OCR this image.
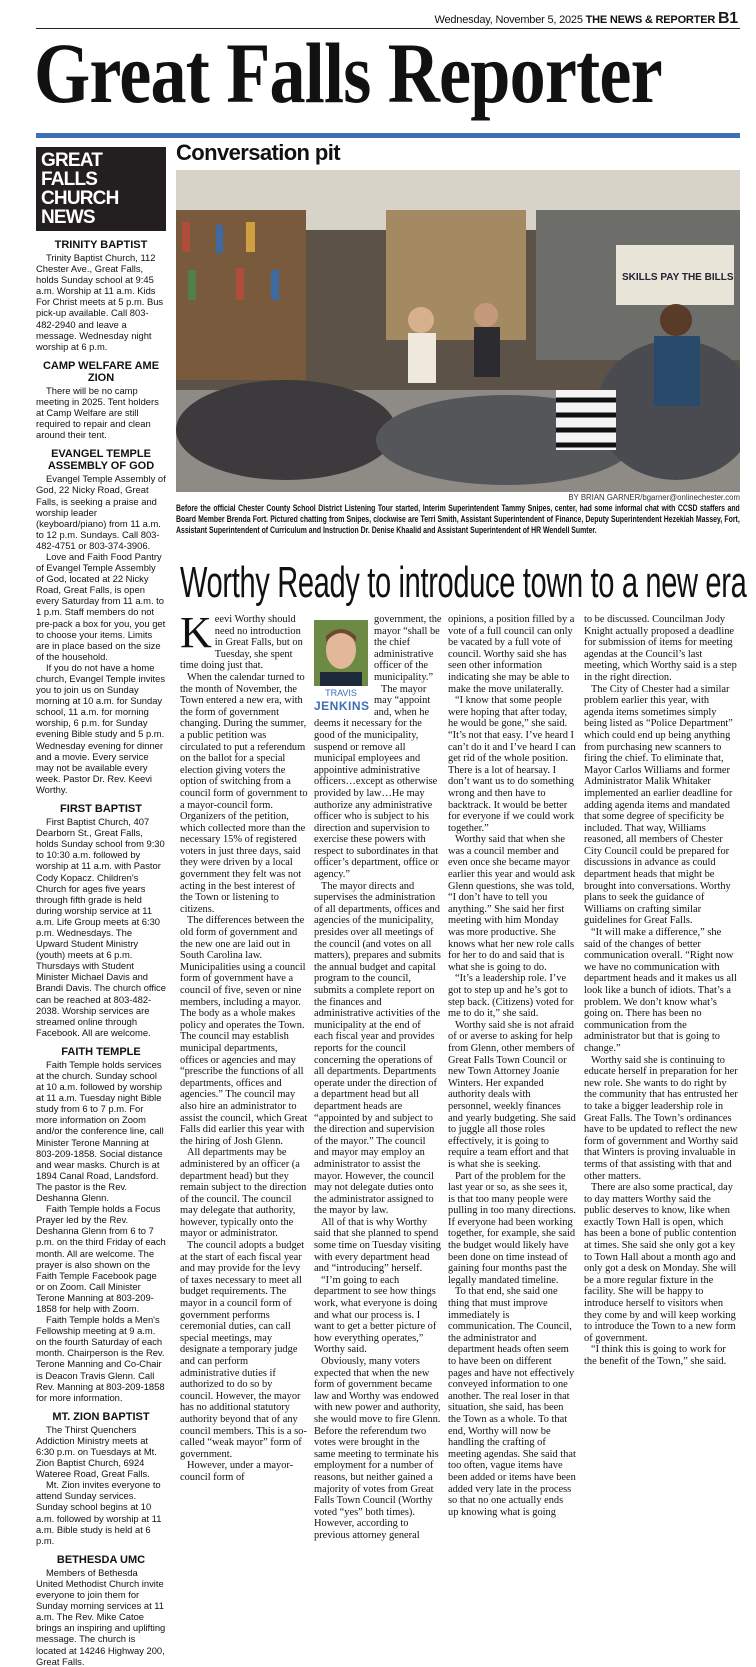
Wednesday, November 5, 2025 THE NEWS & REPORTER B1
Great Falls Reporter
GREAT FALLS CHURCH NEWS
TRINITY BAPTIST

Trinity Baptist Church, 112 Chester Ave., Great Falls, holds Sunday school at 9:45 a.m. Worship at 11 a.m. Kids For Christ meets at 5 p.m. Bus pick-up available. Call 803-482-2940 and leave a message. Wednesday night worship at 6 p.m.

CAMP WELFARE AME ZION

There will be no camp meeting in 2025. Tent holders at Camp Welfare are still required to repair and clean around their tent.

EVANGEL TEMPLE ASSEMBLY OF GOD

Evangel Temple Assembly of God, 22 Nicky Road, Great Falls, is seeking a praise and worship leader (keyboard/piano) from 11 a.m. to 12 p.m. Sundays. Call 803-482-4751 or 803-374-3906.

Love and Faith Food Pantry of Evangel Temple Assembly of God, located at 22 Nicky Road, Great Falls, is open every Saturday from 11 a.m. to 1 p.m. Staff members do not pre-pack a box for you, you get to choose your items. Limits are in place based on the size of the household.

If you do not have a home church, Evangel Temple invites you to join us on Sunday morning at 10 a.m. for Sunday school, 11 a.m. for morning worship, 6 p.m. for Sunday evening Bible study and 5 p.m. Wednesday evening for dinner and a movie. Every service may not be available every week. Pastor Dr. Rev. Keevi Worthy.

FIRST BAPTIST

First Baptist Church, 407 Dearborn St., Great Falls, holds Sunday school from 9:30 to 10:30 a.m. followed by worship at 11 a.m. with Pastor Cody Kopacz. Children's Church for ages five years through fifth grade is held during worship service at 11 a.m. Life Group meets at 6:30 p.m. Wednesdays. The Upward Student Ministry (youth) meets at 6 p.m. Thursdays with Student Minister Michael Davis and Brandi Davis. The church office can be reached at 803-482-2038. Worship services are streamed online through Facebook. All are welcome.

FAITH TEMPLE

Faith Temple holds services at the church. Sunday school at 10 a.m. followed by worship at 11 a.m. Tuesday night Bible study from 6 to 7 p.m. For more information on Zoom and/or the conference line, call Minister Terone Manning at 803-209-1858. Social distance and wear masks. Church is at 1894 Canal Road, Landsford. The pastor is the Rev. Deshanna Glenn.

Faith Temple holds a Focus Prayer led by the Rev. Deshanna Glenn from 6 to 7 p.m. on the third Friday of each month. All are welcome. The prayer is also shown on the Faith Temple Facebook page or on Zoom. Call Minister Terone Manning at 803-209-1858 for help with Zoom.

Faith Temple holds a Men's Fellowship meeting at 9 a.m. on the fourth Saturday of each month. Chairperson is the Rev. Terone Manning and Co-Chair is Deacon Travis Glenn. Call Rev. Manning at 803-209-1858 for more information.

MT. ZION BAPTIST

The Thirst Quenchers Addiction Ministry meets at 6:30 p.m. on Tuesdays at Mt. Zion Baptist Church, 6924 Wateree Road, Great Falls.

Mt. Zion invites everyone to attend Sunday services. Sunday school begins at 10 a.m. followed by worship at 11 a.m. Bible study is held at 6 p.m.

BETHESDA UMC

Members of Bethesda United Methodist Church invite everyone to join them for Sunday morning services at 11 a.m. The Rev. Mike Catoe brings an inspiring and uplifting message. The church is located at 14246 Highway 200, Great Falls.

Conversation pit
SKILLS PAY THE BILLS
BY BRIAN GARNER/bgarner@onlinechester.com
Before the official Chester County School District Listening Tour started, Interim Superintendent Tammy Snipes, center, had some informal chat with CCSD staffers and Board Member Brenda Fort. Pictured chatting from Snipes, clockwise are Terri Smith, Assistant Superintendent of Finance, Deputy Superintendent Hezekiah Massey, Fort, Assistant Superintendent of Curriculum and Instruction Dr. Denise Khaalid and Assistant Superintendent of HR Wendell Sumter.
Worthy Ready to introduce town to a new era

Keevi Worthy should need no introduction in Great Falls, but on Tuesday, she spent time doing just that.

When the calendar turned to the month of November, the Town entered a new era, with the form of government changing. During the summer, a public petition was circulated to put a referendum on the ballot for a special election giving voters the option of switching from a council form of government to a mayor-council form. Organizers of the petition, which collected more than the necessary 15% of registered voters in just three days, said they were driven by a local government they felt was not acting in the best interest of the Town or listening to citizens.

The differences between the old form of government and the new one are laid out in South Carolina law. Municipalities using a council form of government have a council of five, seven or nine members, including a mayor. The body as a whole makes policy and operates the Town. The council may establish municipal departments, offices or agencies and may “prescribe the functions of all departments, offices and agencies.” The council may also hire an administrator to assist the council, which Great Falls did earlier this year with the hiring of Josh Glenn.

All departments may be administered by an officer (a department head) but they remain subject to the direction of the council. The council may delegate that authority, however, typically onto the mayor or administrator.

The council adopts a budget at the start of each fiscal year and may provide for the levy of taxes necessary to meet all budget requirements. The mayor in a council form of government performs ceremonial duties, can call special meetings, may designate a temporary judge and can perform administrative duties if authorized to do so by council. However, the mayor has no additional statutory authority beyond that of any council members. This is a so-called “weak mayor” form of government.

However, under a mayor-council form of

TRAVIS
JENKINS

government, the mayor “shall be the chief administrative officer of the municipality.”

The mayor may “appoint and, when he deems it necessary for the good of the municipality, suspend or remove all municipal employees and appointive administrative officers…except as otherwise provided by law…He may authorize any administrative officer who is subject to his direction and supervision to exercise these powers with respect to subordinates in that officer’s department, office or agency.”

The mayor directs and supervises the administration of all departments, offices and agencies of the municipality, presides over all meetings of the council (and votes on all matters), prepares and submits the annual budget and capital program to the council, submits a complete report on the finances and administrative activities of the municipality at the end of each fiscal year and provides reports for the council concerning the operations of all departments. Departments operate under the direction of a department head but all department heads are “appointed by and subject to the direction and supervision of the mayor.” The council and mayor may employ an administrator to assist the mayor. However, the council may not delegate duties onto the administrator assigned to the mayor by law.

All of that is why Worthy said that she planned to spend some time on Tuesday visiting with every department head and “introducing” herself.

“I’m going to each department to see how things work, what everyone is doing and what our process is. I want to get a better picture of how everything operates,” Worthy said.

Obviously, many voters expected that when the new form of government became law and Worthy was endowed with new power and authority, she would move to fire Glenn. Before the referendum two votes were brought in the same meeting to terminate his employment for a number of reasons, but neither gained a majority of votes from Great Falls Town Council (Worthy voted “yes” both times). However, according to previous attorney general

opinions, a position filled by a vote of a full council can only be vacated by a full vote of council. Worthy said she has seen other information indicating she may be able to make the move unilaterally.

“I know that some people were hoping that after today, he would be gone,” she said. “It’s not that easy. I’ve heard I can’t do it and I’ve heard I can get rid of the whole position. There is a lot of hearsay. I don’t want us to do something wrong and then have to backtrack. It would be better for everyone if we could work together.”

Worthy said that when she was a council member and even once she became mayor earlier this year and would ask Glenn questions, she was told, “I don’t have to tell you anything.” She said her first meeting with him Monday was more productive. She knows what her new role calls for her to do and said that is what she is going to do.

“It’s a leadership role. I’ve got to step up and he’s got to step back. (Citizens) voted for me to do it,” she said.

Worthy said she is not afraid of or averse to asking for help from Glenn, other members of Great Falls Town Council or new Town Attorney Joanie Winters. Her expanded authority deals with personnel, weekly finances and yearly budgeting. She said to juggle all those roles effectively, it is going to require a team effort and that is what she is seeking.

Part of the problem for the last year or so, as she sees it, is that too many people were pulling in too many directions. If everyone had been working together, for example, she said the budget would likely have been done on time instead of gaining four months past the legally mandated timeline.

To that end, she said one thing that must improve immediately is communication. The Council, the administrator and department heads often seem to have been on different pages and have not effectively conveyed information to one another. The real loser in that situation, she said, has been the Town as a whole. To that end, Worthy will now be handling the crafting of meeting agendas. She said that too often, vague items have been added or items have been added very late in the process so that no one actually ends up knowing what is going

to be discussed. Councilman Jody Knight actually proposed a deadline for submission of items for meeting agendas at the Council’s last meeting, which Worthy said is a step in the right direction.

The City of Chester had a similar problem earlier this year, with agenda items sometimes simply being listed as “Police Department” which could end up being anything from purchasing new scanners to firing the chief. To eliminate that, Mayor Carlos Williams and former Administrator Malik Whitaker implemented an earlier deadline for adding agenda items and mandated that some degree of specificity be included. That way, Williams reasoned, all members of Chester City Council could be prepared for discussions in advance as could department heads that might be brought into conversations. Worthy plans to seek the guidance of Williams on crafting similar guidelines for Great Falls.

“It will make a difference,” she said of the changes of better communication overall. “Right now we have no communication with department heads and it makes us all look like a bunch of idiots. That’s a problem. We don’t know what’s going on. There has been no communication from the administrator but that is going to change.”

Worthy said she is continuing to educate herself in preparation for her new role. She wants to do right by the community that has entrusted her to take a bigger leadership role in Great Falls. The Town’s ordinances have to be updated to reflect the new form of government and Worthy said that Winters is proving invaluable in terms of that assisting with that and other matters.

There are also some practical, day to day matters Worthy said the public deserves to know, like when exactly Town Hall is open, which has been a bone of public contention at times. She said she only got a key to Town Hall about a month ago and only got a desk on Monday. She will be a more regular fixture in the facility. She will be happy to introduce herself to visitors when they come by and will keep working to introduce the Town to a new form of government.

“I think this is going to work for the benefit of the Town,” she said.
